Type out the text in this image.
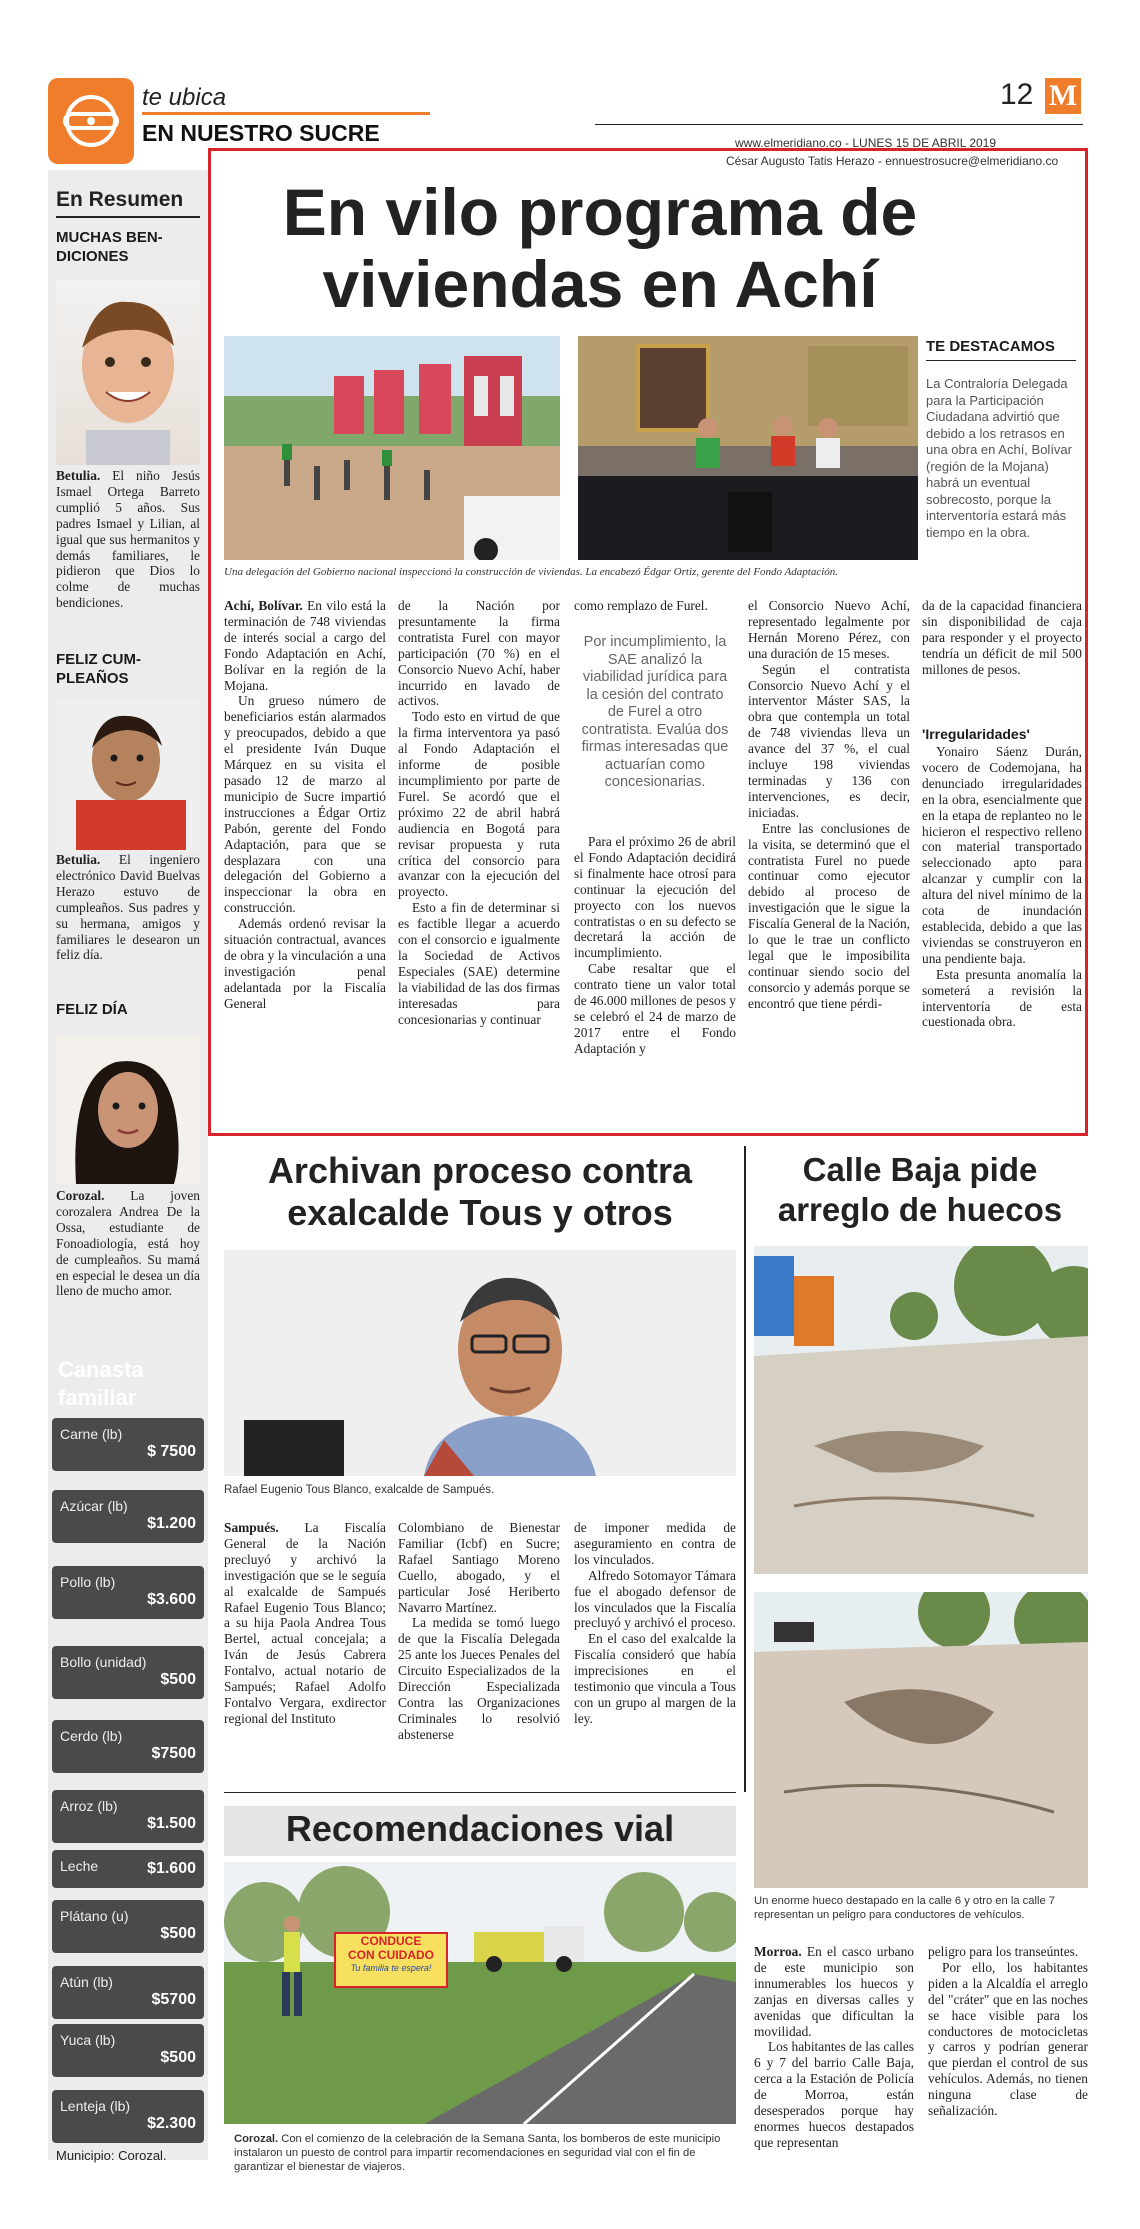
te ubica
EN NUESTRO SUCRE
12 M
www.elmeridiano.co - LUNES 15 DE ABRIL 2019
En Resumen
MUCHAS BEN-DICIONES
Betulia. El niño Jesús Ismael Ortega Barreto cumplió 5 años. Sus padres Ismael y Lilian, al igual que sus hermanitos y demás familiares, le pidieron que Dios lo colme de muchas bendiciones.
FELIZ CUM-PLEAÑOS
Betulia. El ingeniero electrónico David Buelvas Herazo estuvo de cumpleaños. Sus padres y su hermana, amigos y familiares le desearon un feliz día.
FELIZ DÍA
Corozal. La joven corozalera Andrea De la Ossa, estudiante de Fonoadiología, está hoy de cumpleaños. Su mamá en especial le desea un día lleno de mucho amor.
Canasta familiar
Carne (lb)
$ 7500
Azúcar (lb)
$1.200
Pollo (lb)
$3.600
Bollo (unidad)
$500
Cerdo (lb)
$7500
Arroz (lb)
$1.500
Leche	$1.600
Plátano (u)
$500
Atún (lb)
$5700
Yuca (lb)
$500
Lenteja (lb)
$2.300
Municipio: Corozal.
César Augusto Tatis Herazo - ennuestrosucre@elmeridiano.co
En vilo programa de viviendas en Achí
Una delegación del Gobierno nacional inspeccionó la construcción de viviendas. La encabezó Édgar Ortiz, gerente del Fondo Adaptación.
TE DESTACAMOS
La Contraloría Delegada para la Participación Ciudadana advirtió que debido a los retrasos en una obra en Achí, Bolívar (región de la Mojana) habrá un eventual sobrecosto, porque la interventoría estará más tiempo en la obra.

Achí, Bolívar. En vilo está la terminación de 748 viviendas de interés social a cargo del Fondo Adaptación en Achí, Bolívar en la región de la Mojana.

Un grueso número de beneficiarios están alarmados y preocupados, debido a que el presidente Iván Duque Márquez en su visita el pasado 12 de marzo al municipio de Sucre impartió instrucciones a Édgar Ortiz Pabón, gerente del Fondo Adaptación, para que se desplazara con una delegación del Gobierno a inspeccionar la obra en construcción.

Además ordenó revisar la situación contractual, avances de obra y la vinculación a una investigación penal adelantada por la Fiscalía General

de la Nación por presuntamente la firma contratista Furel con mayor participación (70 %) en el Consorcio Nuevo Achí, haber incurrido en lavado de activos.

Todo esto en virtud de que la firma interventora ya pasó al Fondo Adaptación el informe de posible incumplimiento por parte de Furel. Se acordó que el próximo 22 de abril habrá audiencia en Bogotá para revisar propuesta y ruta crítica del consorcio para avanzar con la ejecución del proyecto.

Esto a fin de determinar si es factible llegar a acuerdo con el consorcio e igualmente la Sociedad de Activos Especiales (SAE) determine la viabilidad de las dos firmas interesadas para concesionarias y continuar

como remplazo de Furel.
Por incumplimiento, la SAE analizó la viabilidad jurídica para la cesión del contrato de Furel a otro contratista. Evalúa dos firmas interesadas que actuarían como concesionarias.

Para el próximo 26 de abril el Fondo Adaptación decidirá si finalmente hace otrosí para continuar la ejecución del proyecto con los nuevos contratistas o en su defecto se decretará la acción de incumplimiento.

Cabe resaltar que el contrato tiene un valor total de 46.000 millones de pesos y se celebró el 24 de marzo de 2017 entre el Fondo Adaptación y

el Consorcio Nuevo Achí, representado legalmente por Hernán Moreno Pérez, con una duración de 15 meses.

Según el contratista Consorcio Nuevo Achí y el interventor Máster SAS, la obra que contempla un total de 748 viviendas lleva un avance del 37 %, el cual incluye 198 viviendas terminadas y 136 con intervenciones, es decir, iniciadas.

Entre las conclusiones de la visita, se determinó que el contratista Furel no puede continuar como ejecutor debido al proceso de investigación que le sigue la Fiscalía General de la Nación, lo que le trae un conflicto legal que le imposibilita continuar siendo socio del consorcio y además porque se encontró que tiene pérdi-

da de la capacidad financiera sin disponibilidad de caja para responder y el proyecto tendría un déficit de mil 500 millones de pesos.

'Irregularidades'

Yonairo Sáenz Durán, vocero de Codemojana, ha denunciado irregularidades en la obra, esencialmente que en la etapa de replanteo no le hicieron el respectivo relleno con material transportado seleccionado apto para alcanzar y cumplir con la altura del nivel mínimo de la cota de inundación establecida, debido a que las viviendas se construyeron en una pendiente baja.

Esta presunta anomalía la someterá a revisión la interventoría de esta cuestionada obra.

Archivan proceso contra exalcalde Tous y otros
Rafael Eugenio Tous Blanco, exalcalde de Sampués.

Sampués. La Fiscalía General de la Nación precluyó y archivó la investigación que se le seguía al exalcalde de Sampués Rafael Eugenio Tous Blanco; a su hija Paola Andrea Tous Bertel, actual concejala; a Iván de Jesús Cabrera Fontalvo, actual notario de Sampués; Rafael Adolfo Fontalvo Vergara, exdirector regional del Instituto

Colombiano de Bienestar Familiar (Icbf) en Sucre; Rafael Santiago Moreno Cuello, abogado, y el particular José Heriberto Navarro Martínez.

La medida se tomó luego de que la Fiscalía Delegada 25 ante los Jueces Penales del Circuito Especializados de la Dirección Especializada Contra las Organizaciones Criminales lo resolvió abstenerse

de imponer medida de aseguramiento en contra de los vinculados.

Alfredo Sotomayor Támara fue el abogado defensor de los vinculados que la Fiscalía precluyó y archivó el proceso.

En el caso del exalcalde la Fiscalía consideró que había imprecisiones en el testimonio que vincula a Tous con un grupo al margen de la ley.

Recomendaciones vial
CONDUCE
CON CUIDADO
Tu familia te espera!
Corozal. Con el comienzo de la celebración de la Semana Santa, los bomberos de este municipio instalaron un puesto de control para impartir recomendaciones en seguridad vial con el fin de garantizar el bienestar de viajeros.
Calle Baja pide arreglo de huecos
Un enorme hueco destapado en la calle 6 y otro en la calle 7 representan un peligro para conductores de vehículos.

Morroa. En el casco urbano de este municipio son innumerables los huecos y zanjas en diversas calles y avenidas que dificultan la movilidad.

Los habitantes de las calles 6 y 7 del barrio Calle Baja, cerca a la Estación de Policía de Morroa, están desesperados porque hay enormes huecos destapados que representan

peligro para los transeúntes.

Por ello, los habitantes piden a la Alcaldía el arreglo del "cráter" que en las noches se hace visible para los conductores de motocicletas y carros y podrían generar que pierdan el control de sus vehículos. Además, no tienen ninguna clase de señalización.
